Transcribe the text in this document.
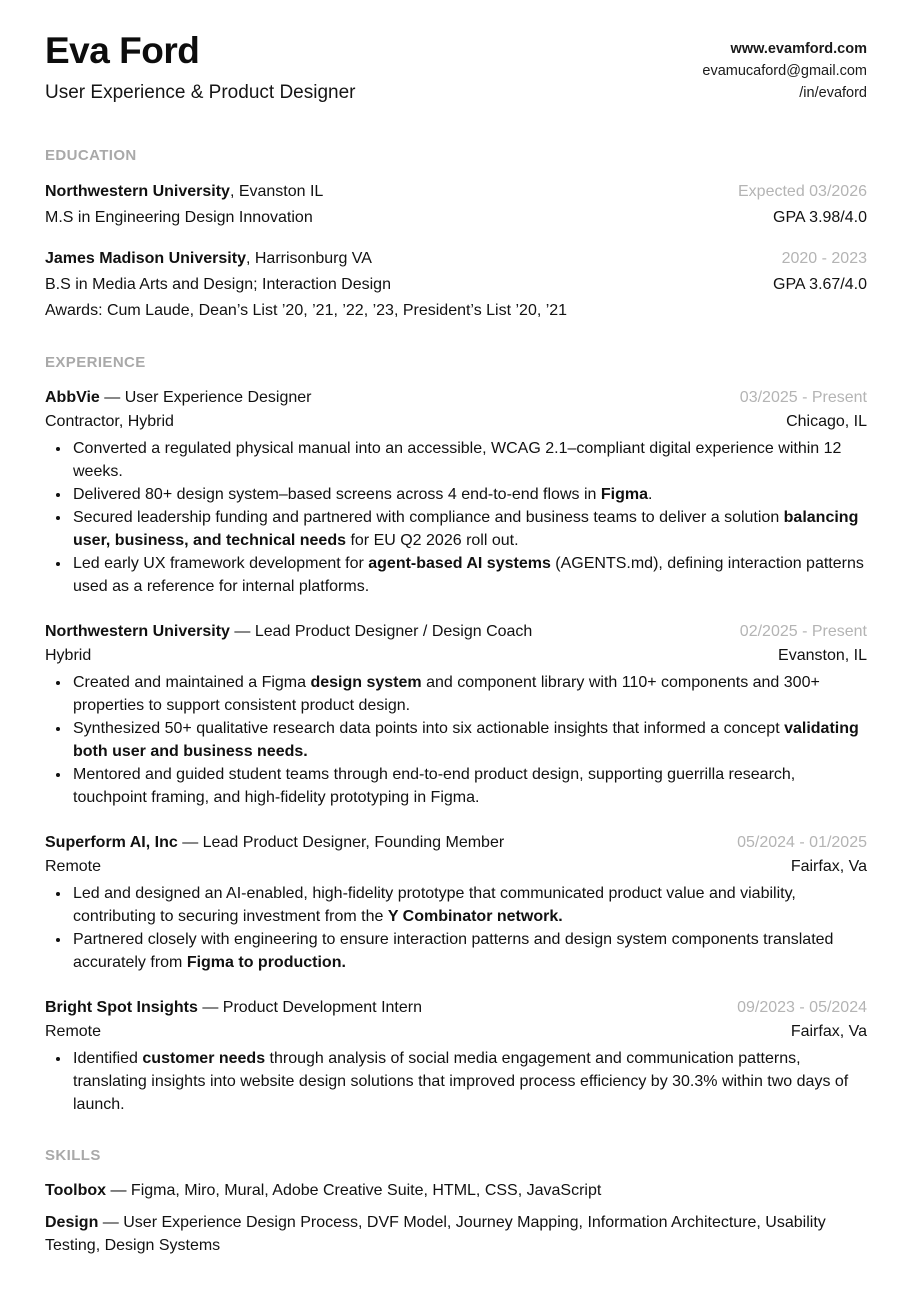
Eva Ford
User Experience & Product Designer
www.evamford.com
evamucaford@gmail.com
/in/evaford
EDUCATION
Northwestern University, Evanston IL	Expected 03/2026
M.S in Engineering Design Innovation	GPA 3.98/4.0
James Madison University, Harrisonburg VA	2020 - 2023
B.S in Media Arts and Design; Interaction Design	GPA 3.67/4.0
Awards: Cum Laude, Dean’s List ’20, ’21, ’22, ’23, President’s List ’20, ’21
EXPERIENCE
AbbVie — User Experience Designer	03/2025 - Present
Contractor, Hybrid	Chicago, IL
• Converted a regulated physical manual into an accessible, WCAG 2.1–compliant digital experience within 12 weeks.
• Delivered 80+ design system–based screens across 4 end-to-end flows in Figma.
• Secured leadership funding and partnered with compliance and business teams to deliver a solution balancing user, business, and technical needs for EU Q2 2026 roll out.
• Led early UX framework development for agent-based AI systems (AGENTS.md), defining interaction patterns used as a reference for internal platforms.
Northwestern University — Lead Product Designer / Design Coach	02/2025 - Present
Hybrid	Evanston, IL
• Created and maintained a Figma design system and component library with 110+ components and 300+ properties to support consistent product design.
• Synthesized 50+ qualitative research data points into six actionable insights that informed a concept validating both user and business needs.
• Mentored and guided student teams through end-to-end product design, supporting guerrilla research, touchpoint framing, and high-fidelity prototyping in Figma.
Superform AI, Inc — Lead Product Designer, Founding Member	05/2024 - 01/2025
Remote	Fairfax, Va
• Led and designed an AI-enabled, high-fidelity prototype that communicated product value and viability, contributing to securing investment from the Y Combinator network.
• Partnered closely with engineering to ensure interaction patterns and design system components translated accurately from Figma to production.
Bright Spot Insights — Product Development Intern	09/2023 - 05/2024
Remote	Fairfax, Va
• Identified customer needs through analysis of social media engagement and communication patterns, translating insights into website design solutions that improved process efficiency by 30.3% within two days of launch.
SKILLS
Toolbox — Figma, Miro, Mural, Adobe Creative Suite, HTML, CSS, JavaScript
Design — User Experience Design Process, DVF Model, Journey Mapping, Information Architecture, Usability Testing, Design Systems
